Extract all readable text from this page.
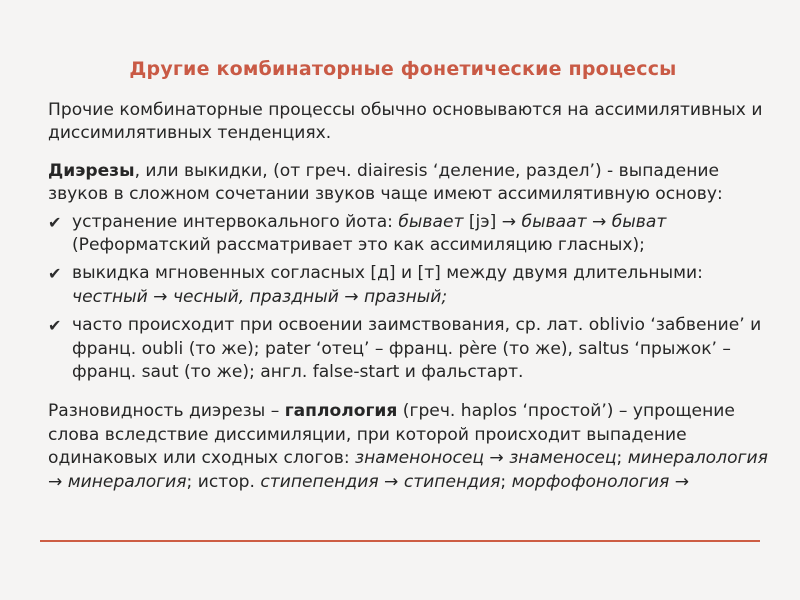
Другие комбинаторные фонетические процессы

Прочие комбинаторные процессы обычно основываются на ассимилятивных и диссимилятивных тенденциях.

Диэрезы, или выкидки, (от греч. diairesis ‘деление, раздел’) - выпадение звуков в сложном сочетании звуков чаще имеют ассимилятивную основу:

✔ устранение интервокального йота: бывает [jэ] → бываат → быват (Реформатский рассматривает это как ассимиляцию гласных);
✔ выкидка мгновенных согласных [д] и [т] между двумя длительными: честный → чесный, праздный → празный;
✔ часто происходит при освоении заимствования, ср. лат. oblivio ‘забвение’ и франц. oubli (то же); pater ‘отец’ – франц. père (то же), saltus ‘прыжок’ – франц. saut (то же); англ. false-start и фальстарт.

Разновидность диэрезы – гаплология (греч. haplos ‘простой’) – упрощение слова вследствие диссимиляции, при которой происходит выпадение одинаковых или сходных слогов: знаменоносец → знаменосец; минералология → минералогия; истор. стипепендия → стипендия; морфофонология →
